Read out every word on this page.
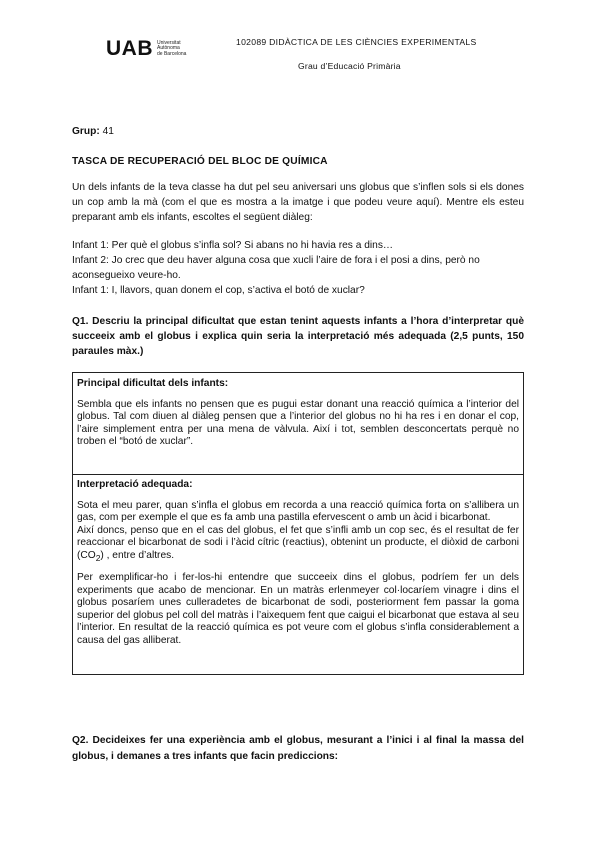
UAB Universitat
Autònoma
de Barcelona
102089 DIDÀCTICA DE LES CIÈNCIES EXPERIMENTALS
Grau d’Educació Primària
Grup: 41
TASCA DE RECUPERACIÓ DEL BLOC DE QUÍMICA
Un dels infants de la teva classe ha dut pel seu aniversari uns globus que s’inflen sols si els dones un cop amb la mà (com el que es mostra a la imatge i que podeu veure aquí). Mentre els esteu preparant amb els infants, escoltes el següent diàleg:
Infant 1: Per què el globus s’infla sol? Si abans no hi havia res a dins…
Infant 2: Jo crec que deu haver alguna cosa que xucli l’aire de fora i el posi a dins, però no aconsegueixo veure-ho.
Infant 1: I, llavors, quan donem el cop, s’activa el botó de xuclar?
Q1. Descriu la principal dificultat que estan tenint aquests infants a l’hora d’interpretar què succeeix amb el globus i explica quin seria la interpretació més adequada (2,5 punts, 150 paraules màx.)

Principal dificultat dels infants:

Sembla que els infants no pensen que es pugui estar donant una reacció química a l’interior del globus. Tal com diuen al diàleg pensen que a l’interior del globus no hi ha res i en donar el cop, l’aire simplement entra per una mena de vàlvula. Així i tot, semblen desconcertats perquè no troben el “botó de xuclar”.

Interpretació adequada:

Sota el meu parer, quan s’infla el globus em recorda a una reacció química forta on s’allibera un gas, com per exemple el que es fa amb una pastilla efervescent o amb un àcid i bicarbonat.

Així doncs, penso que en el cas del globus, el fet que s’infli amb un cop sec, és el resultat de fer reaccionar el bicarbonat de sodi i l’àcid cítric (reactius), obtenint un producte, el diòxid de carboni $(CO_2)$ , entre d’altres.

Per exemplificar-ho i fer-los-hi entendre que succeeix dins el globus, podríem fer un dels experiments que acabo de mencionar. En un matràs erlenmeyer col·locaríem vinagre i dins el globus posaríem unes culleradetes de bicarbonat de sodi, posteriorment fem passar la goma superior del globus pel coll del matràs i l’aixequem fent que caigui el bicarbonat que estava al seu l’interior. En resultat de la reacció química es pot veure com el globus s’infla considerablement a causa del gas alliberat.

Q2. Decideixes fer una experiència amb el globus, mesurant a l’inici i al final la massa del globus, i demanes a tres infants que facin prediccions:
